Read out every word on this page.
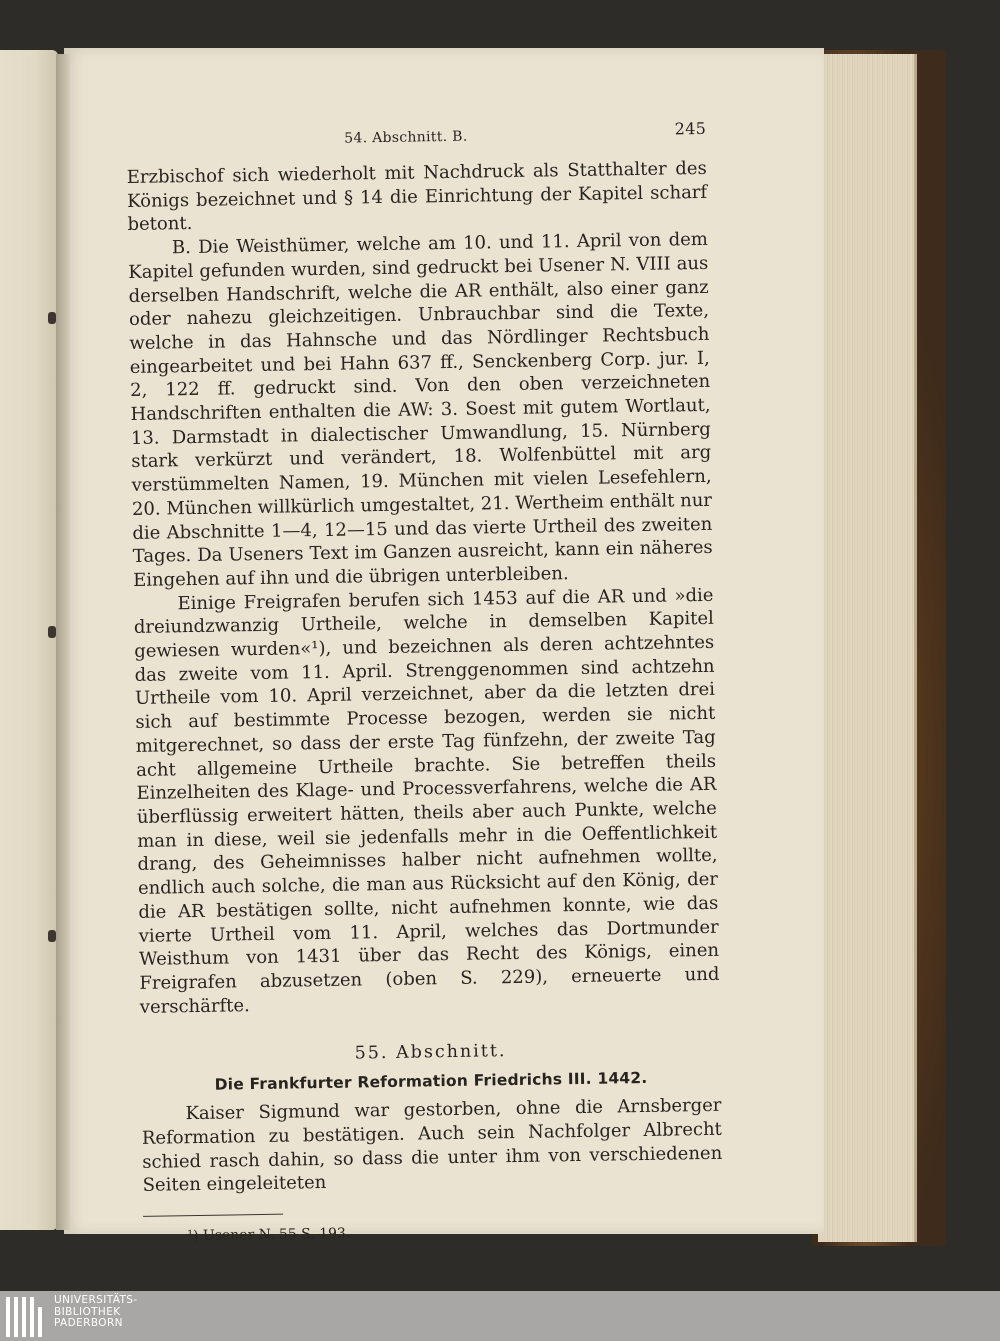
54. Abschnitt. B.	245

Erzbischof sich wiederholt mit Nachdruck als Statthalter des Königs bezeichnet und § 14 die Einrichtung der Kapitel scharf betont.

B. Die Weisthümer, welche am 10. und 11. April von dem Kapitel gefunden wurden, sind gedruckt bei Usener N. VIII aus derselben Handschrift, welche die AR enthält, also einer ganz oder nahezu gleichzeitigen. Unbrauchbar sind die Texte, welche in das Hahnsche und das Nördlinger Rechtsbuch eingearbeitet und bei Hahn 637 ff., Senckenberg Corp. jur. I, 2, 122 ff. gedruckt sind. Von den oben verzeichneten Handschriften enthalten die AW: 3. Soest mit gutem Wortlaut, 13. Darmstadt in dialectischer Umwandlung, 15. Nürnberg stark verkürzt und verändert, 18. Wolfenbüttel mit arg verstümmelten Namen, 19. München mit vielen Lesefehlern, 20. München willkürlich umgestaltet, 21. Wertheim enthält nur die Abschnitte 1—4, 12—15 und das vierte Urtheil des zweiten Tages. Da Useners Text im Ganzen ausreicht, kann ein näheres Eingehen auf ihn und die übrigen unterbleiben.

Einige Freigrafen berufen sich 1453 auf die AR und »die dreiundzwanzig Urtheile, welche in demselben Kapitel gewiesen wurden«¹), und bezeichnen als deren achtzehntes das zweite vom 11. April. Strenggenommen sind achtzehn Urtheile vom 10. April verzeichnet, aber da die letzten drei sich auf bestimmte Processe bezogen, werden sie nicht mitgerechnet, so dass der erste Tag fünfzehn, der zweite Tag acht allgemeine Urtheile brachte. Sie betreffen theils Einzelheiten des Klage- und Processverfahrens, welche die AR überflüssig erweitert hätten, theils aber auch Punkte, welche man in diese, weil sie jedenfalls mehr in die Oeffentlichkeit drang, des Geheimnisses halber nicht aufnehmen wollte, endlich auch solche, die man aus Rücksicht auf den König, der die AR bestätigen sollte, nicht aufnehmen konnte, wie das vierte Urtheil vom 11. April, welches das Dortmunder Weisthum von 1431 über das Recht des Königs, einen Freigrafen abzusetzen (oben S. 229), erneuerte und verschärfte.

55. Abschnitt.
Die Frankfurter Reformation Friedrichs III. 1442.

Kaiser Sigmund war gestorben, ohne die Arnsberger Reformation zu bestätigen. Auch sein Nachfolger Albrecht schied rasch dahin, so dass die unter ihm von verschiedenen Seiten eingeleiteten

¹) Usener N. 55 S. 193.
UNIVERSITÄTS-
BIBLIOTHEK
PADERBORN
